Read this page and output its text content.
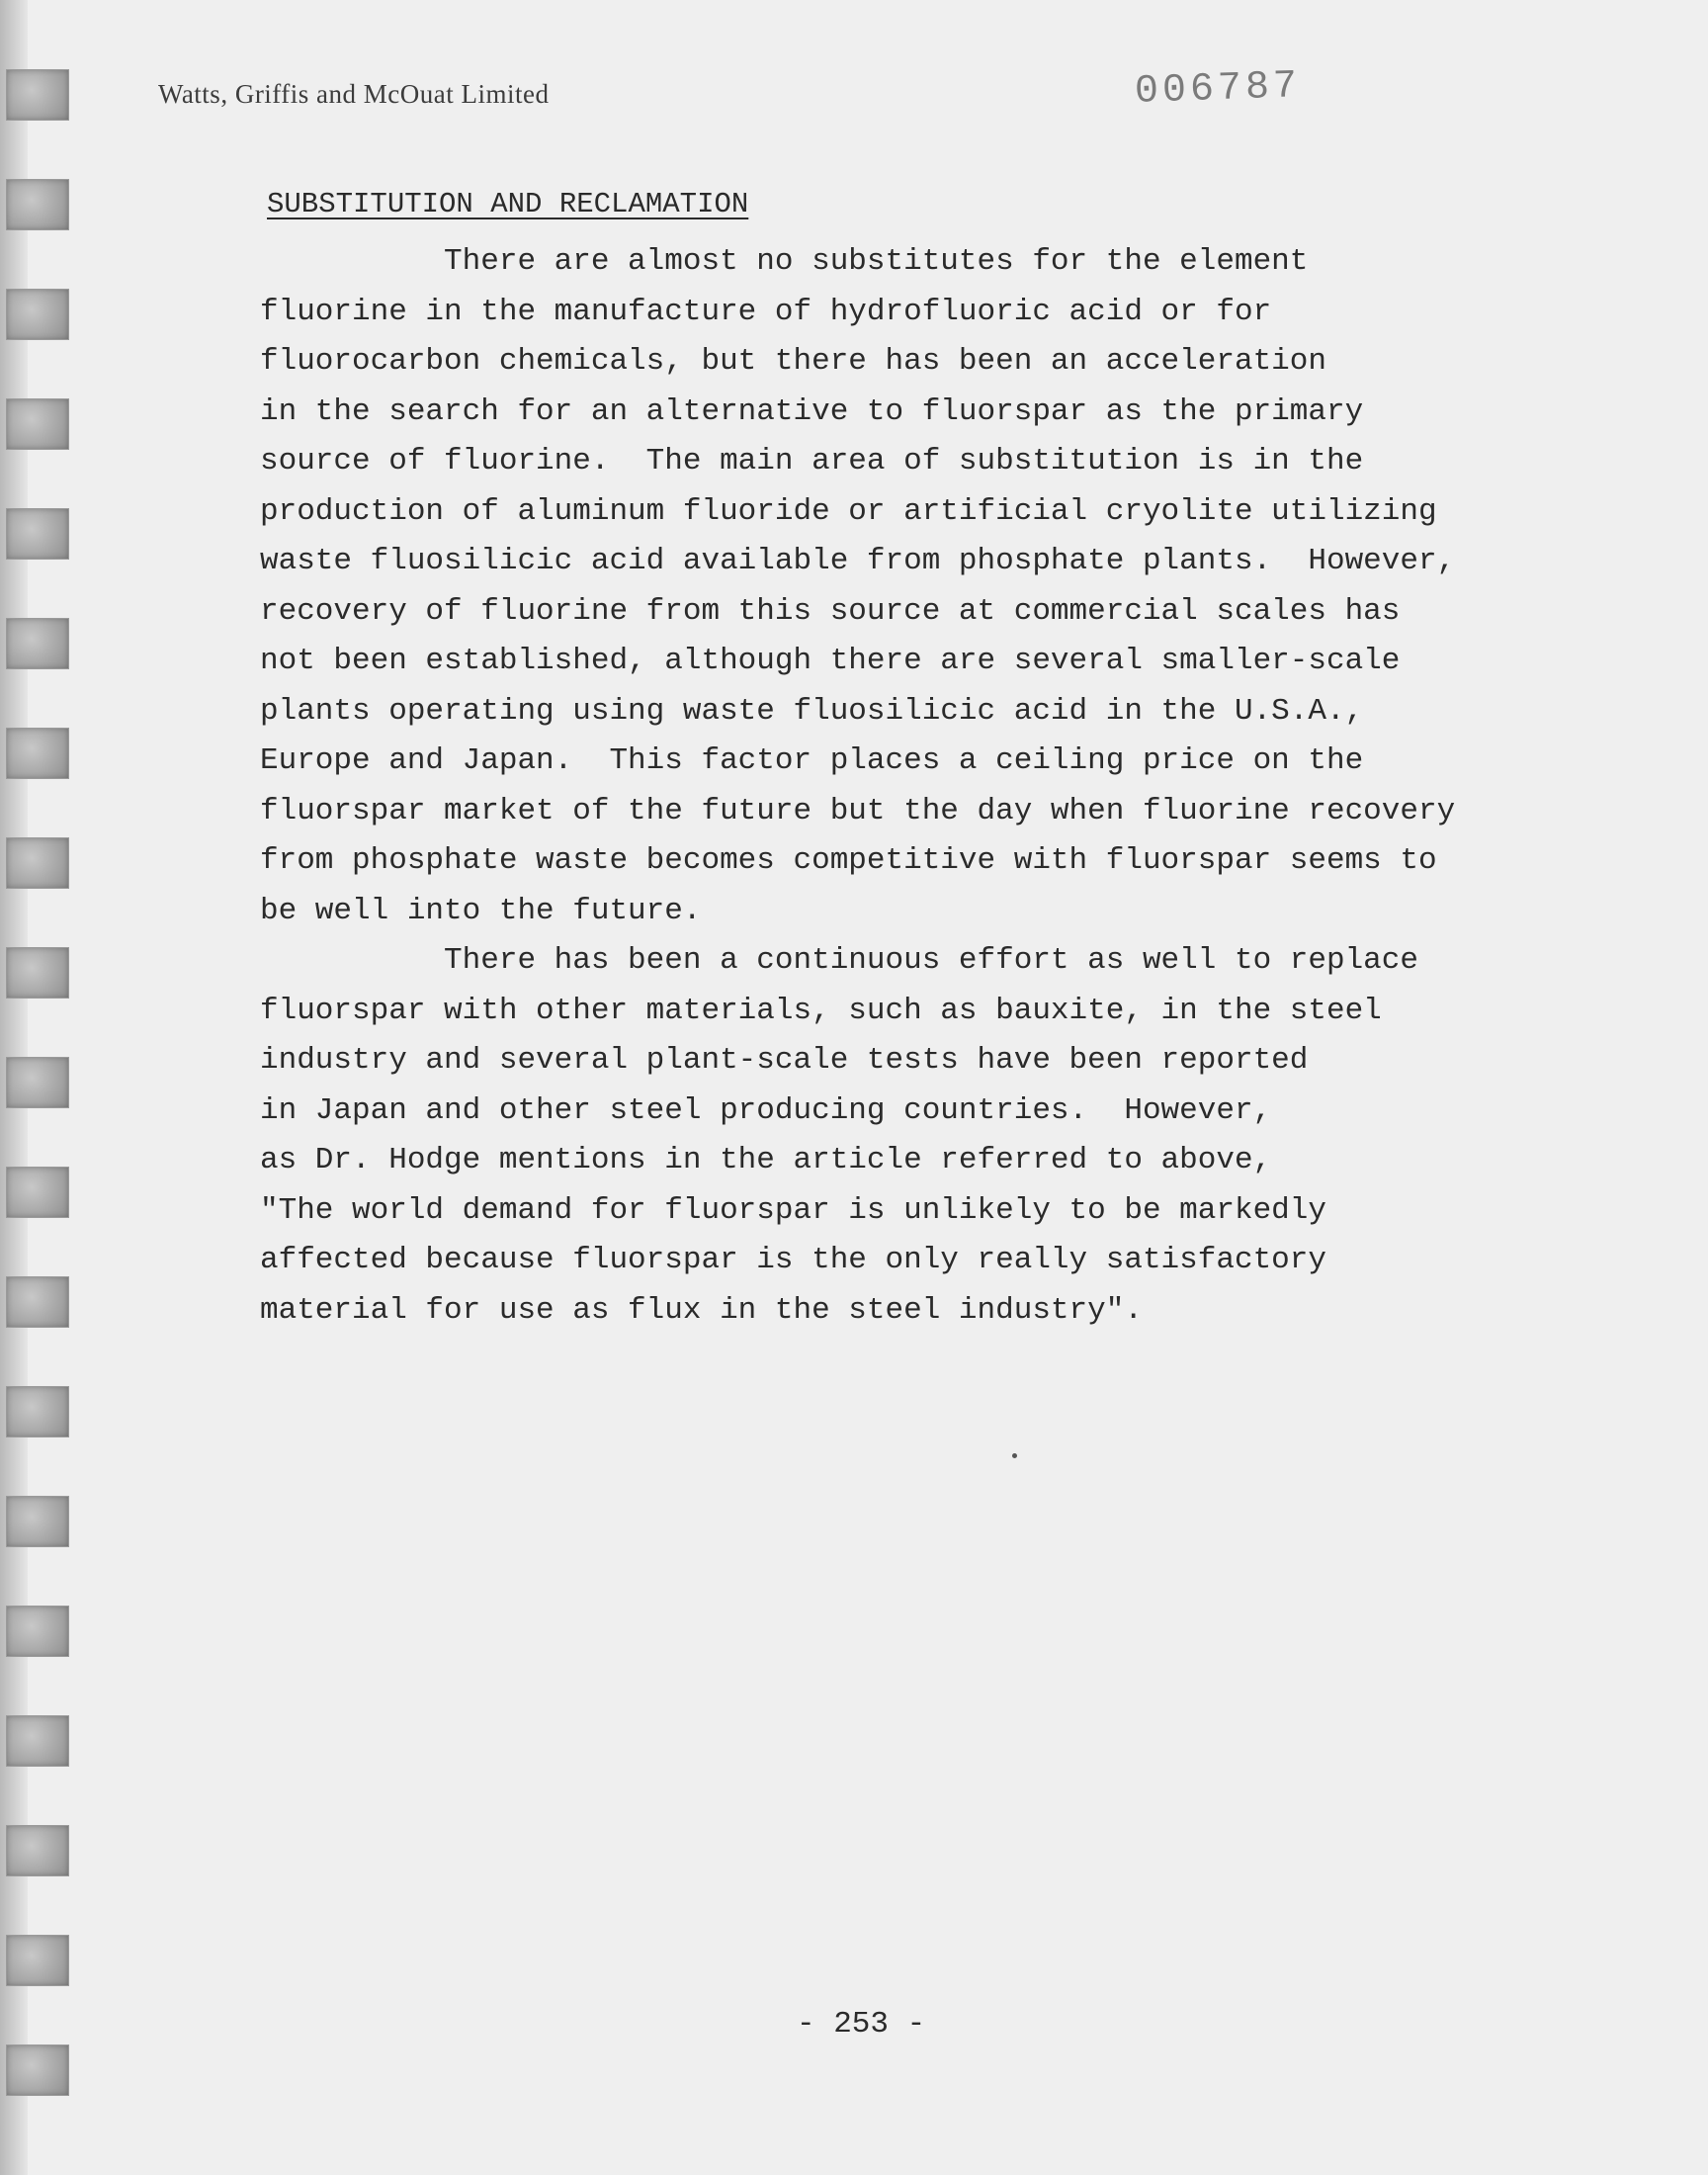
Watts, Griffis and McOuat Limited	006787
SUBSTITUTION AND RECLAMATION
There are almost no substitutes for the element
fluorine in the manufacture of hydrofluoric acid or for
fluorocarbon chemicals, but there has been an acceleration
in the search for an alternative to fluorspar as the primary
source of fluorine.  The main area of substitution is in the
production of aluminum fluoride or artificial cryolite utilizing
waste fluosilicic acid available from phosphate plants.  However,
recovery of fluorine from this source at commercial scales has
not been established, although there are several smaller-scale
plants operating using waste fluosilicic acid in the U.S.A.,
Europe and Japan.  This factor places a ceiling price on the
fluorspar market of the future but the day when fluorine recovery
from phosphate waste becomes competitive with fluorspar seems to
be well into the future.
There has been a continuous effort as well to replace
fluorspar with other materials, such as bauxite, in the steel
industry and several plant-scale tests have been reported
in Japan and other steel producing countries.  However,
as Dr. Hodge mentions in the article referred to above,
"The world demand for fluorspar is unlikely to be markedly
affected because fluorspar is the only really satisfactory
material for use as flux in the steel industry".
- 253 -
